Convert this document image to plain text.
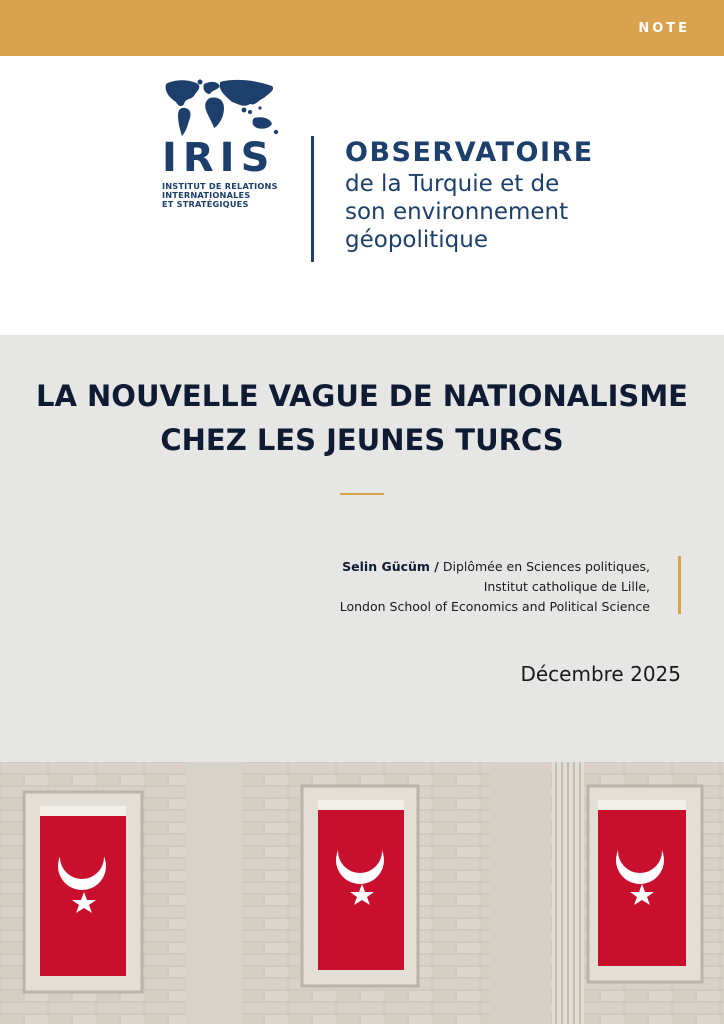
NOTE
IRIS
INSTITUT DE RELATIONS
INTERNATIONALES
ET STRATÉGIQUES
OBSERVATOIRE
de la Turquie et de
son environnement
géopolitique
LA NOUVELLE VAGUE DE NATIONALISME
CHEZ LES JEUNES TURCS
Selin Gücüm / Diplômée en Sciences politiques,
Institut catholique de Lille,
London School of Economics and Political Science
Décembre 2025
